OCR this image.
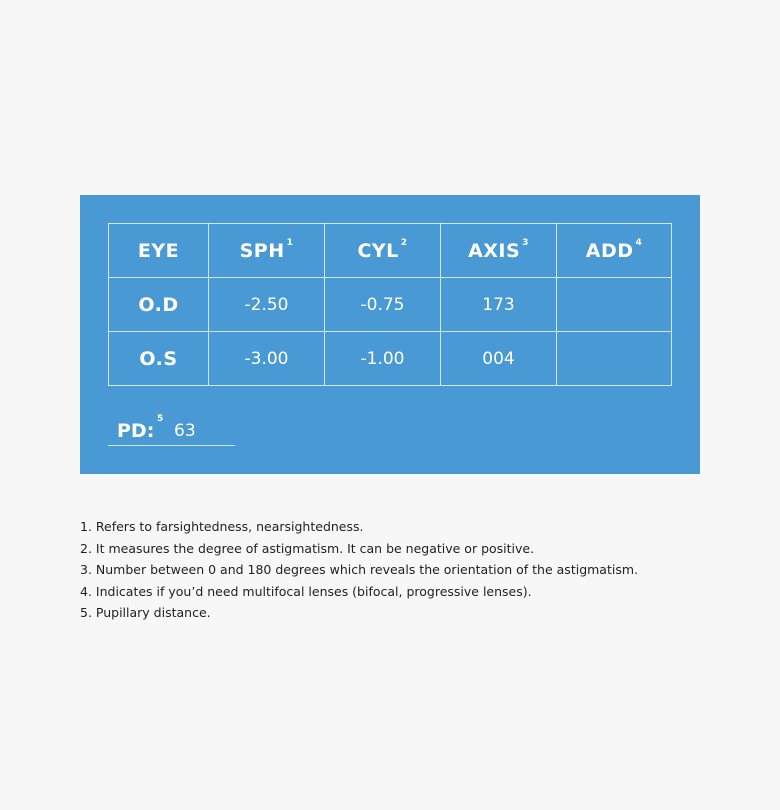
EYE	SPH $^1$	CYL $^2$	AXIS $^3$	ADD $^4$
O.D	-2.50	-0.75	173	
O.S	-3.00	-1.00	004	
PD:
5
63
1. Refers to farsightedness, nearsightedness.
2. It measures the degree of astigmatism. It can be negative or positive.
3. Number between 0 and 180 degrees which reveals the orientation of the astigmatism.
4. Indicates if you’d need multifocal lenses (bifocal, progressive lenses).
5. Pupillary distance.
